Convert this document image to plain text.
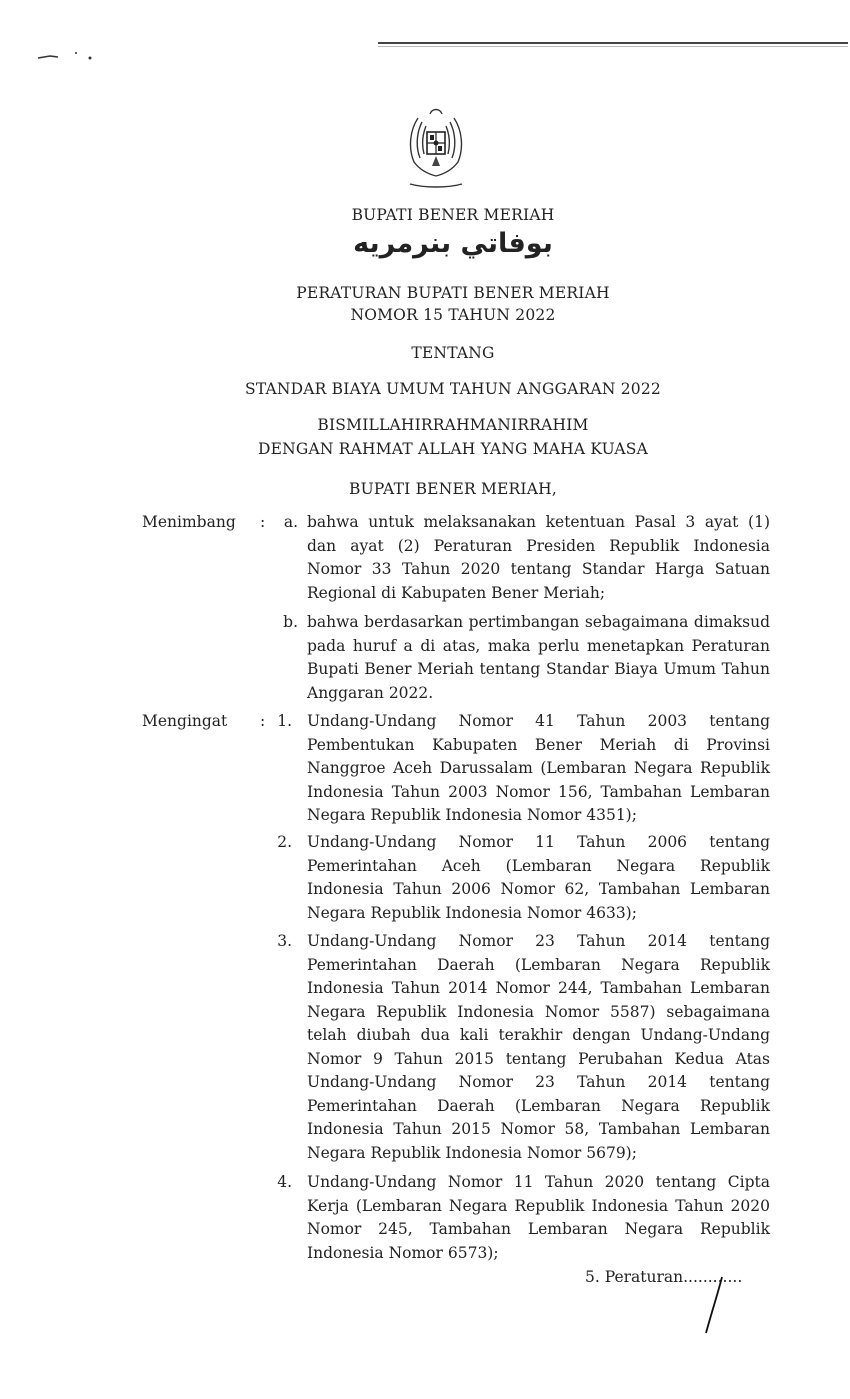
BUPATI BENER MERIAH
بوفاتي بنرمريه
PERATURAN BUPATI BENER MERIAH
NOMOR 15 TAHUN 2022
TENTANG
STANDAR BIAYA UMUM TAHUN ANGGARAN 2022
BISMILLAHIRRAHMANIRRAHIM
DENGAN RAHMAT ALLAH YANG MAHA KUASA
BUPATI BENER MERIAH,
Menimbang :	a. bahwa untuk melaksanakan ketentuan Pasal 3 ayat (1) dan ayat (2) Peraturan Presiden Republik Indonesia Nomor 33 Tahun 2020 tentang Standar Harga Satuan Regional di Kabupaten Bener Meriah;
b. bahwa berdasarkan pertimbangan sebagaimana dimaksud pada huruf a di atas, maka perlu menetapkan Peraturan Bupati Bener Meriah tentang Standar Biaya Umum Tahun Anggaran 2022.
Mengingat : 1. Undang-Undang Nomor 41 Tahun 2003 tentang Pembentukan Kabupaten Bener Meriah di Provinsi Nanggroe Aceh Darussalam (Lembaran Negara Republik Indonesia Tahun 2003 Nomor 156, Tambahan Lembaran Negara Republik Indonesia Nomor 4351);
2. Undang-Undang Nomor 11 Tahun 2006 tentang Pemerintahan Aceh (Lembaran Negara Republik Indonesia Tahun 2006 Nomor 62, Tambahan Lembaran Negara Republik Indonesia Nomor 4633);
3. Undang-Undang Nomor 23 Tahun 2014 tentang Pemerintahan Daerah (Lembaran Negara Republik Indonesia Tahun 2014 Nomor 244, Tambahan Lembaran Negara Republik Indonesia Nomor 5587) sebagaimana telah diubah dua kali terakhir dengan Undang-Undang Nomor 9 Tahun 2015 tentang Perubahan Kedua Atas Undang-Undang Nomor 23 Tahun 2014 tentang Pemerintahan Daerah (Lembaran Negara Republik Indonesia Tahun 2015 Nomor 58, Tambahan Lembaran Negara Republik Indonesia Nomor 5679);
4. Undang-Undang Nomor 11 Tahun 2020 tentang Cipta Kerja (Lembaran Negara Republik Indonesia Tahun 2020 Nomor 245, Tambahan Lembaran Negara Republik Indonesia Nomor 6573);
5. Peraturan............
